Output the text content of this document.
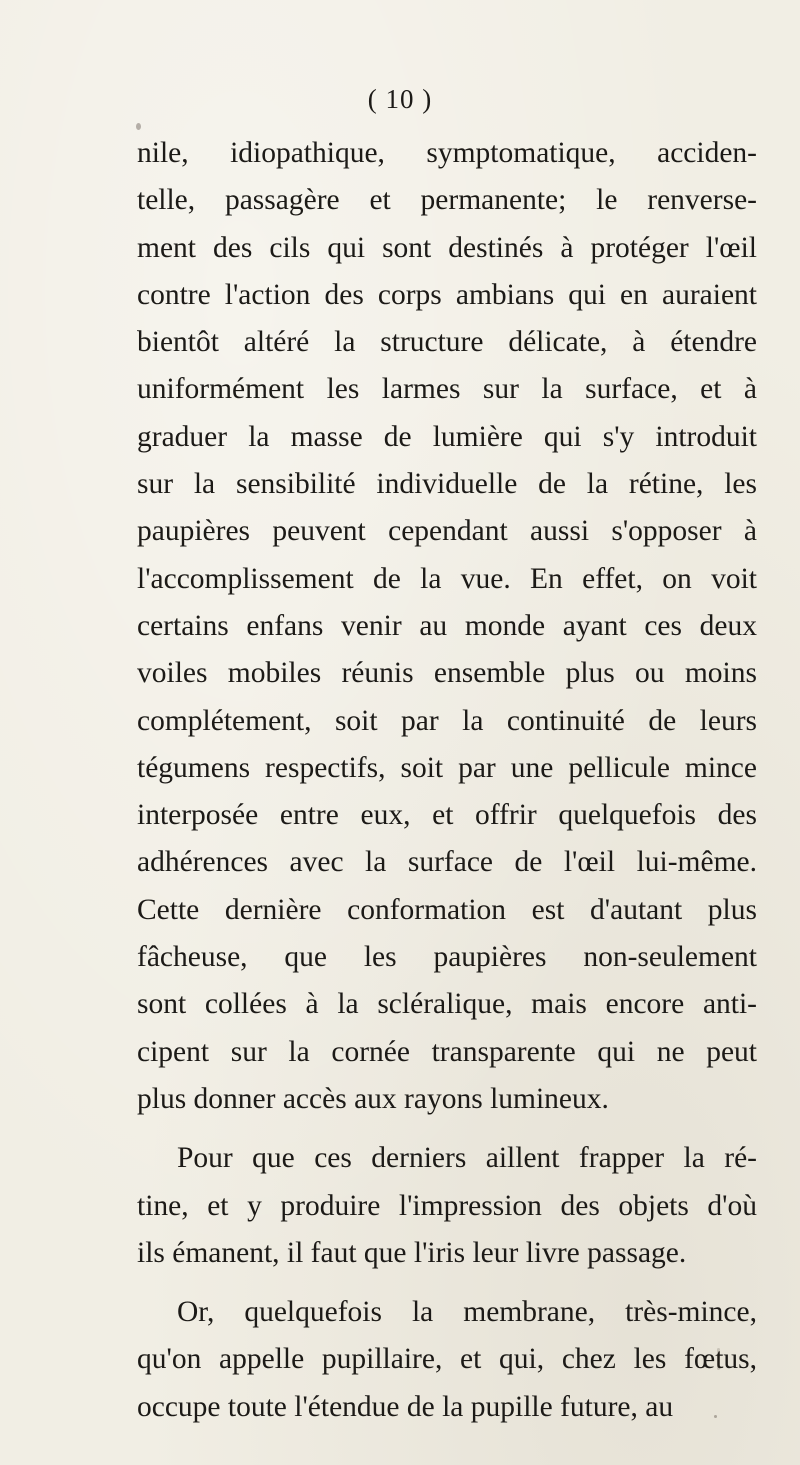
( 10 )
nile, idiopathique, symptomatique, acciden-
telle, passagère et permanente; le renverse-
ment des cils qui sont destinés à protéger l'œil
contre l'action des corps ambians qui en auraient
bientôt altéré la structure délicate, à étendre
uniformément les larmes sur la surface, et à
graduer la masse de lumière qui s'y introduit
sur la sensibilité individuelle de la rétine, les
paupières peuvent cependant aussi s'opposer à
l'accomplissement de la vue. En effet, on voit
certains enfans venir au monde ayant ces deux
voiles mobiles réunis ensemble plus ou moins
complétement, soit par la continuité de leurs
tégumens respectifs, soit par une pellicule mince
interposée entre eux, et offrir quelquefois des
adhérences avec la surface de l'œil lui-même.
Cette dernière conformation est d'autant plus
fâcheuse, que les paupières non-seulement
sont collées à la scléralique, mais encore anti-
cipent sur la cornée transparente qui ne peut
plus donner accès aux rayons lumineux.
Pour que ces derniers aillent frapper la ré-
tine, et y produire l'impression des objets d'où
ils émanent, il faut que l'iris leur livre passage.
Or, quelquefois la membrane, très-mince,
qu'on appelle pupillaire, et qui, chez les fœtus,
occupe toute l'étendue de la pupille future, au
